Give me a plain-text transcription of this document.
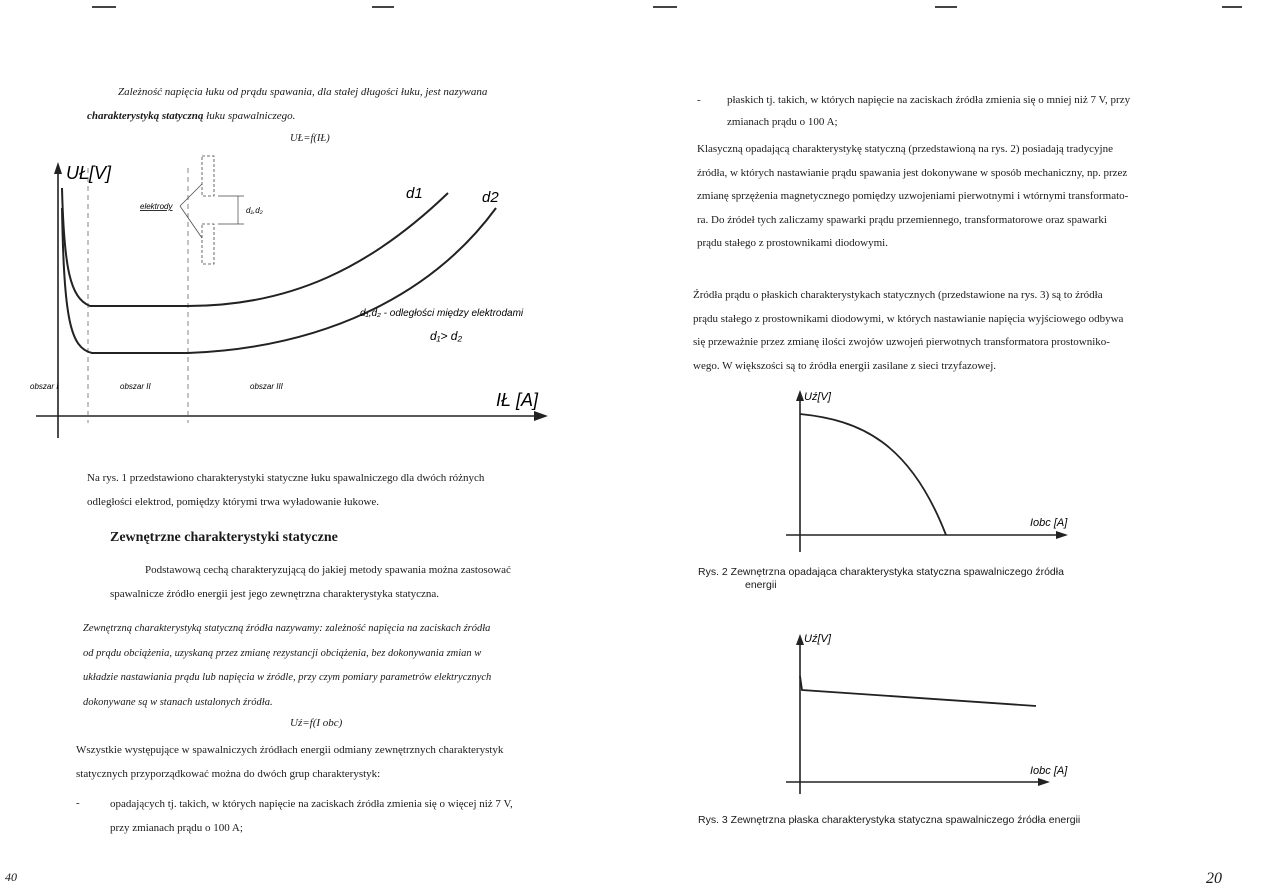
Zależność napięcia łuku od prądu spawania, dla stałej długości łuku, jest nazywana
charakterystyką statyczną łuku spawalniczego.
UŁ=f(IŁ)
UŁ[V]
IŁ [A]
elektrody	d₁,d₂
d1	d2
d₁,d₂ - odległości między elektrodami
d₁> d₂
obszar I	obszar II	obszar III
Na rys. 1 przedstawiono charakterystyki statyczne łuku spawalniczego dla dwóch różnych
odległości elektrod, pomiędzy którymi trwa wyładowanie łukowe.
Zewnętrzne charakterystyki statyczne
Podstawową cechą charakteryzującą do jakiej metody spawania można zastosować
spawalnicze źródło energii jest jego zewnętrzna charakterystyka statyczna.
Zewnętrzną charakterystyką statyczną źródła nazywamy: zależność napięcia na zaciskach źródła
od prądu obciążenia, uzyskaną przez zmianę rezystancji obciążenia, bez dokonywania zmian w
układzie nastawiania prądu lub napięcia w źródle, przy czym pomiary parametrów elektrycznych
dokonywane są w stanach ustalonych źródła.
Uź=f(I obc)
Wszystkie występujące w spawalniczych źródłach energii odmiany zewnętrznych charakterystyk
statycznych przyporządkować można do dwóch grup charakterystyk:
-	opadających tj. takich, w których napięcie na zaciskach źródła zmienia się o więcej niż 7 V,
przy zmianach prądu o 100 A;
40
- płaskich tj. takich, w których napięcie na zaciskach źródła zmienia się o mniej niż 7 V, przy
zmianach prądu o 100 A;
Klasyczną opadającą charakterystykę statyczną (przedstawioną na rys. 2) posiadają tradycyjne
źródła, w których nastawianie prądu spawania jest dokonywane w sposób mechaniczny, np. przez
zmianę sprzężenia magnetycznego pomiędzy uzwojeniami pierwotnymi i wtórnymi transformato-
ra. Do źródeł tych zaliczamy spawarki prądu przemiennego, transformatorowe oraz spawarki
prądu stałego z prostownikami diodowymi.
Źródła prądu o płaskich charakterystykach statycznych (przedstawione na rys. 3) są to źródła
prądu stałego z prostownikami diodowymi, w których nastawianie napięcia wyjściowego odbywa
się przeważnie przez zmianę ilości zwojów uzwojeń pierwotnych transformatora prostowniko-
wego. W większości są to źródła energii zasilane z sieci trzyfazowej.
Uź[V]
Iobc [A]
Rys. 2 Zewnętrzna opadająca charakterystyka statyczna spawalniczego źródła
energii
Uź[V]
Iobc [A]
Rys. 3 Zewnętrzna płaska charakterystyka statyczna spawalniczego źródła energii
20
